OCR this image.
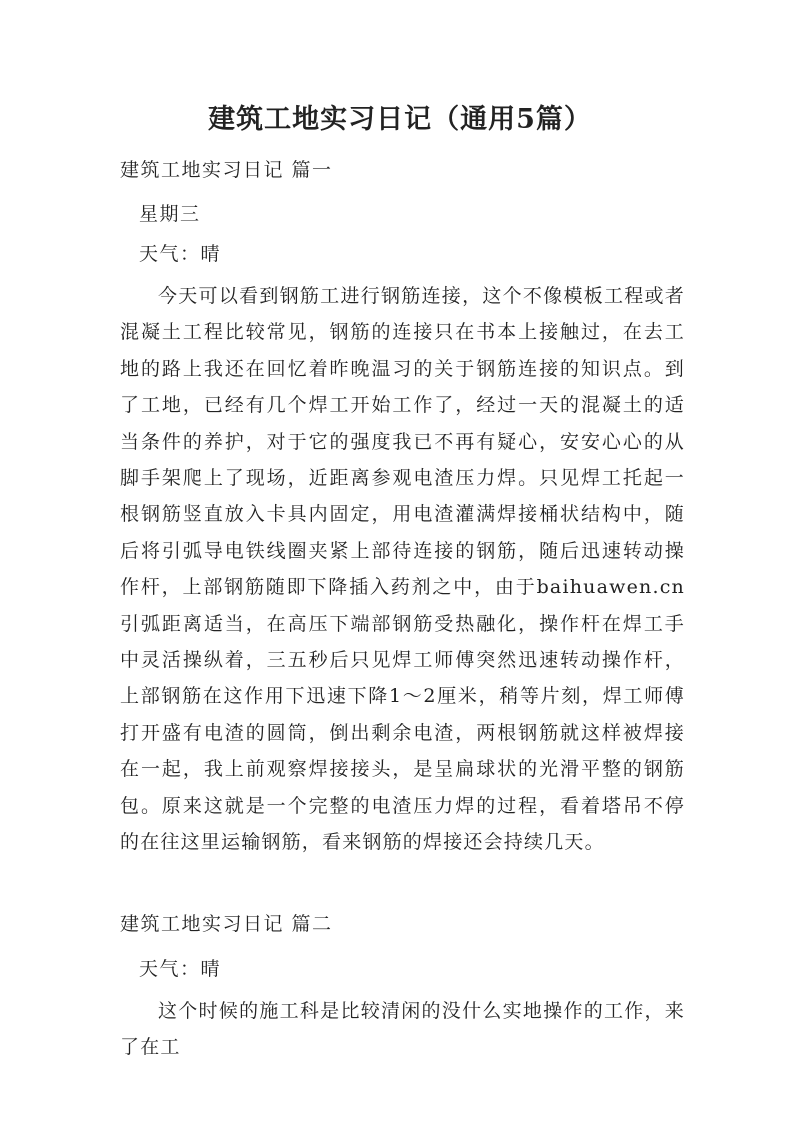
建筑工地实习日记（通用5篇）
建筑工地实习日记 篇一
星期三
天气：晴
今天可以看到钢筋工进行钢筋连接，这个不像模板工程或者混凝土工程比较常见，钢筋的连接只在书本上接触过，在去工地的路上我还在回忆着昨晚温习的关于钢筋连接的知识点。到了工地，已经有几个焊工开始工作了，经过一天的混凝土的适当条件的养护，对于它的强度我已不再有疑心，安安心心的从脚手架爬上了现场，近距离参观电渣压力焊。只见焊工托起一根钢筋竖直放入卡具内固定，用电渣灌满焊接桶状结构中，随后将引弧导电铁线圈夹紧上部待连接的钢筋，随后迅速转动操作杆，上部钢筋随即下降插入药剂之中，由于baihuawen.cn 引弧距离适当，在高压下端部钢筋受热融化，操作杆在焊工手中灵活操纵着，三五秒后只见焊工师傅突然迅速转动操作杆，上部钢筋在这作用下迅速下降1～2厘米，稍等片刻，焊工师傅打开盛有电渣的圆筒，倒出剩余电渣，两根钢筋就这样被焊接在一起，我上前观察焊接接头，是呈扁球状的光滑平整的钢筋包。原来这就是一个完整的电渣压力焊的过程，看着塔吊不停的在往这里运输钢筋，看来钢筋的焊接还会持续几天。
建筑工地实习日记 篇二
天气：晴
这个时候的施工科是比较清闲的没什么实地操作的工作，来了在工
